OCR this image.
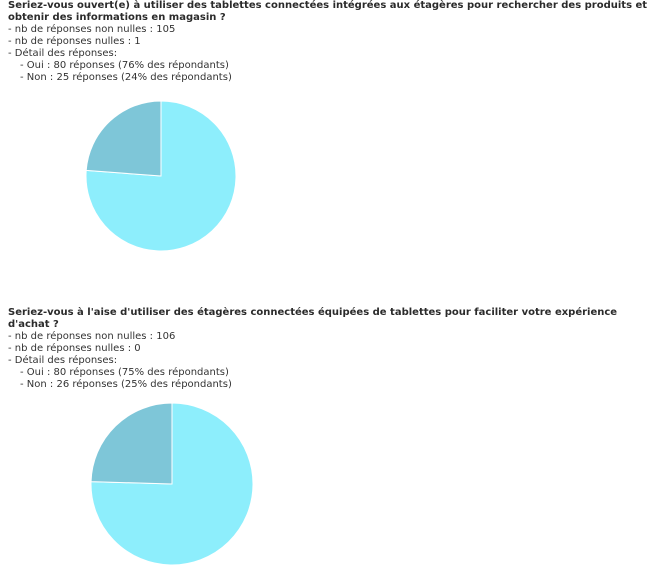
Seriez-vous ouvert(e) à utiliser des tablettes connectées intégrées aux étagères pour rechercher des produits et obtenir des informations en magasin ?
- nb de réponses non nulles : 105
- nb de réponses nulles : 1
- Détail des réponses:
- Oui : 80 réponses (76% des répondants)
- Non : 25 réponses (24% des répondants)
Seriez-vous à l'aise d'utiliser des étagères connectées équipées de tablettes pour faciliter votre expérience d'achat ?
- nb de réponses non nulles : 106
- nb de réponses nulles : 0
- Détail des réponses:
- Oui : 80 réponses (75% des répondants)
- Non : 26 réponses (25% des répondants)
